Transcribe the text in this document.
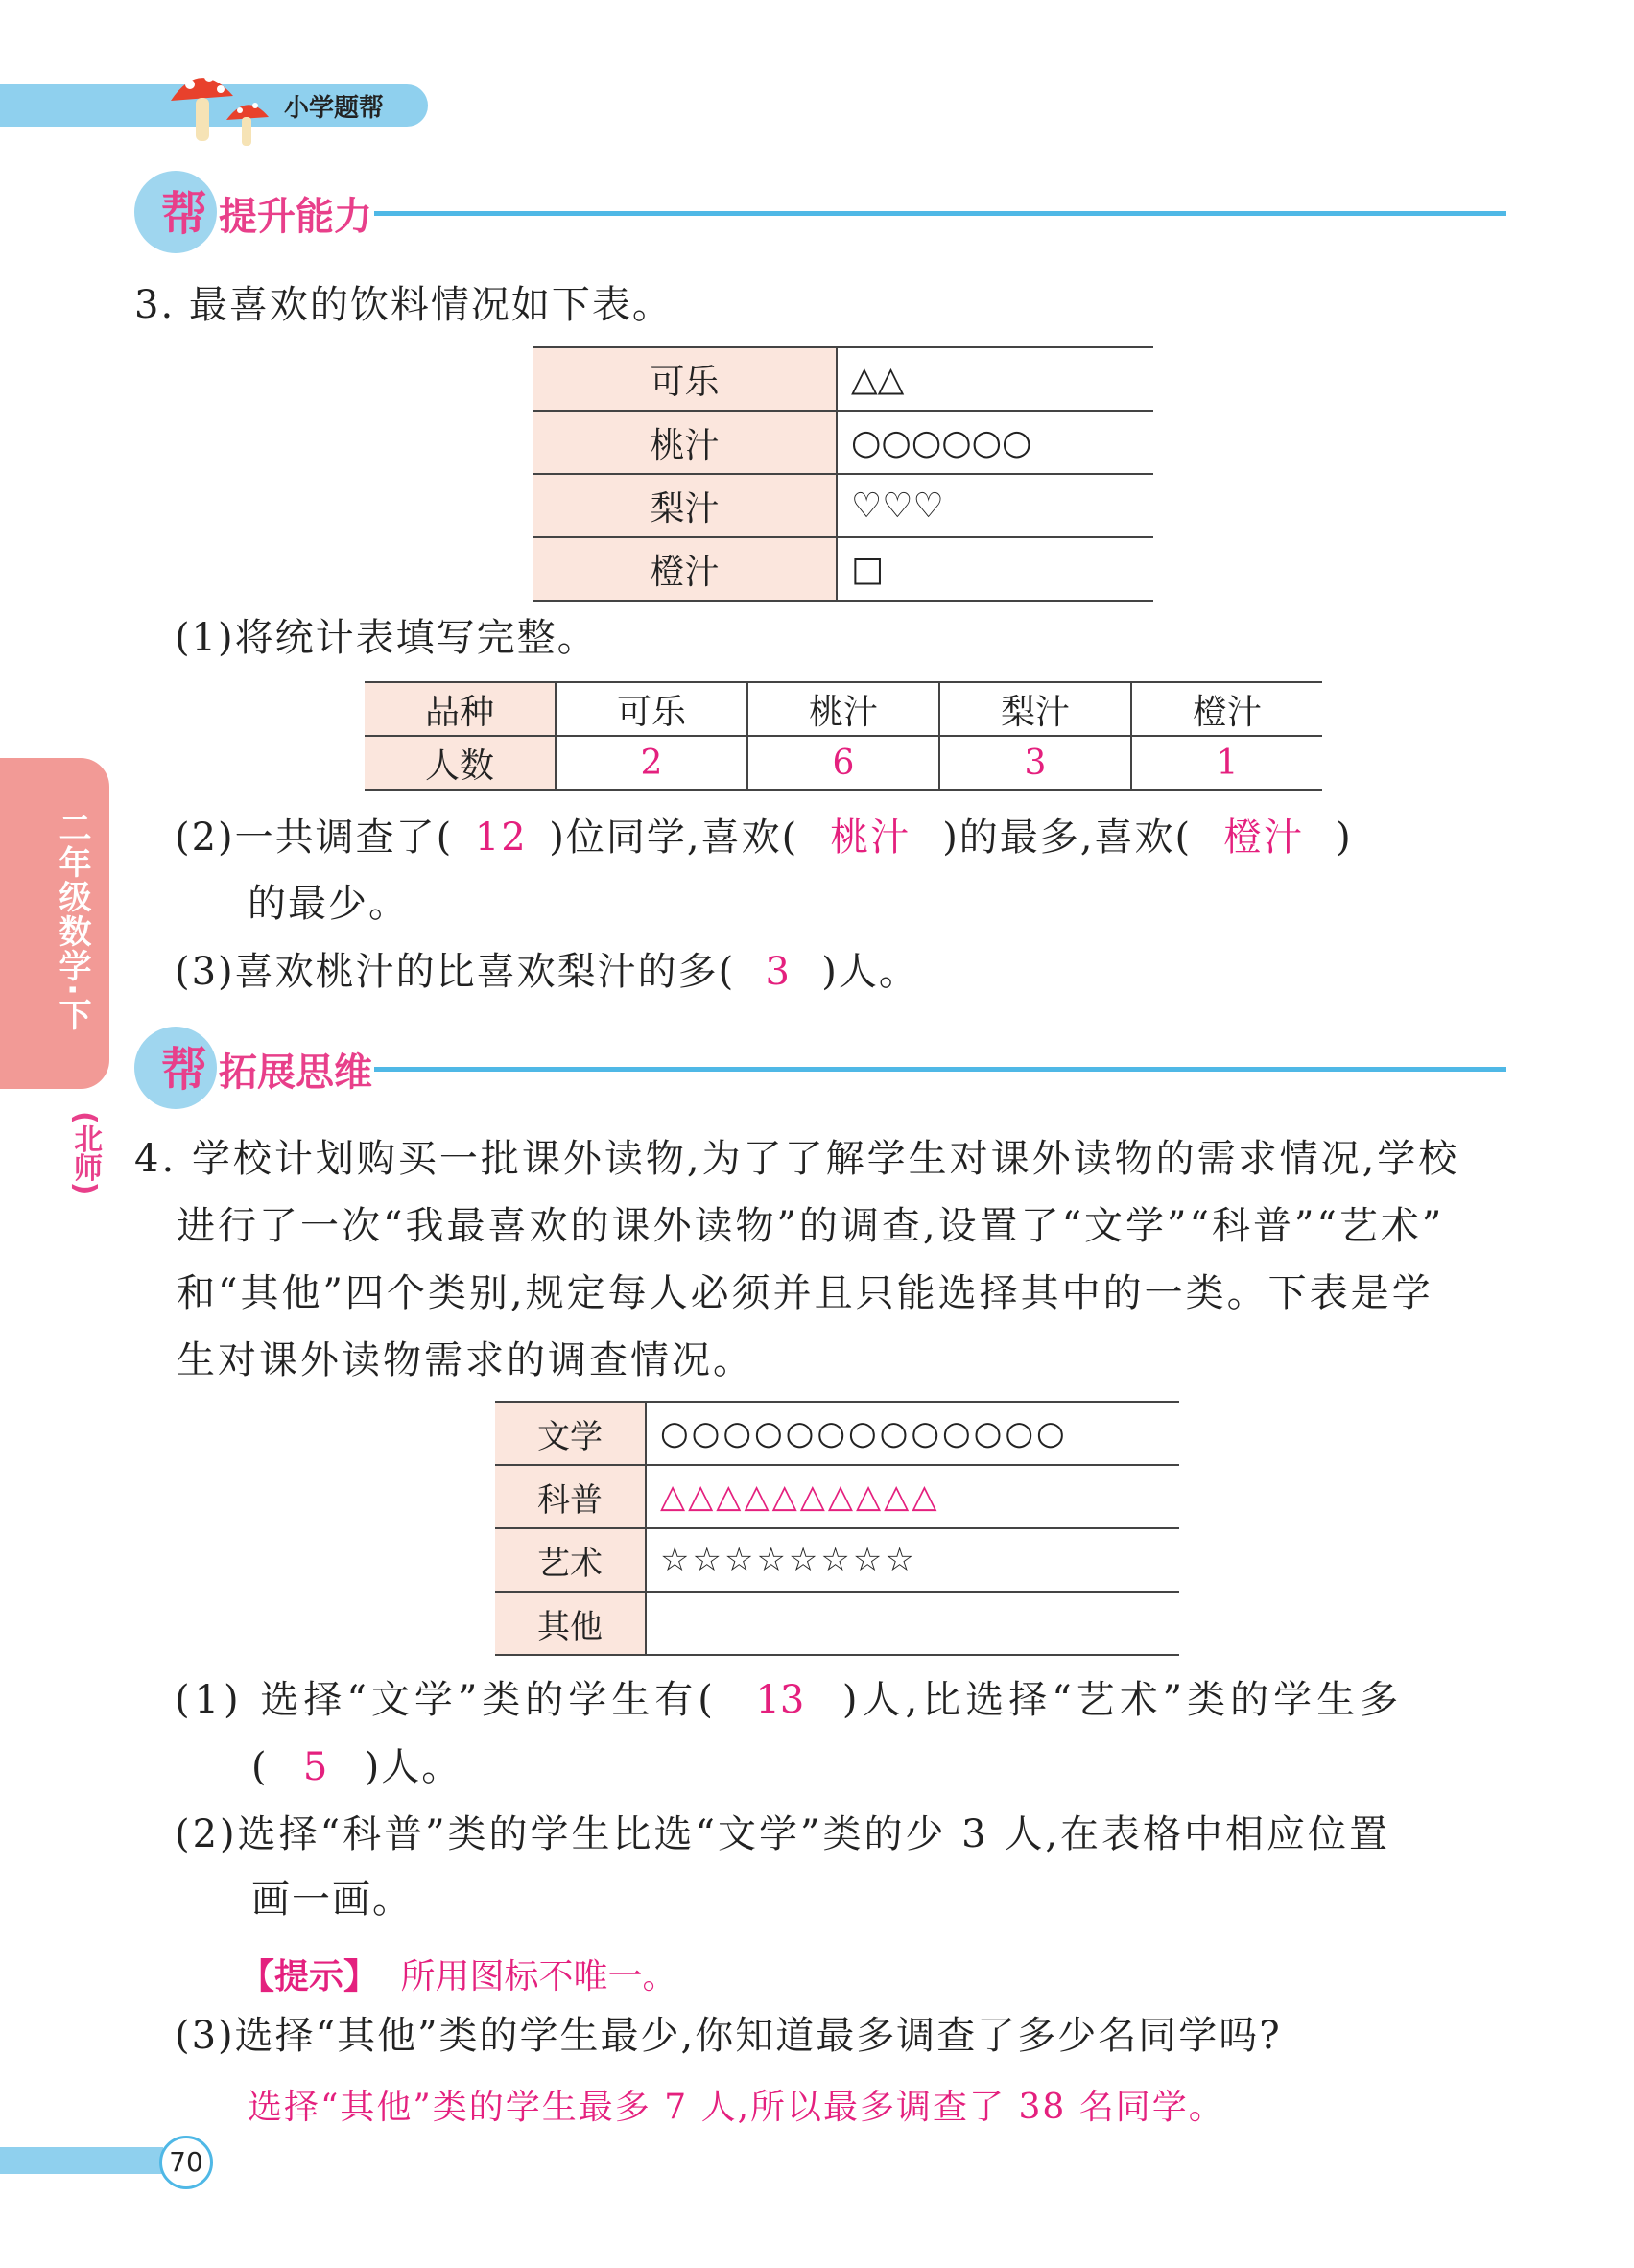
小学题帮
帮 提升能力
二年级数学·下
(北师)
3. 最喜欢的饮料情况如下表。
可乐	△△
桃汁	○○○○○○
梨汁	♡♡♡
橙汁	□
(1)将统计表填写完整。
品种	可乐	桃汁	梨汁	橙汁
人数	2	6	3	1
(2)一共调查了( 12 )位同学,喜欢( 桃汁 )的最多,喜欢( 橙汁 )
的最少。
(3)喜欢桃汁的比喜欢梨汁的多( 3 )人。
帮 拓展思维
4. 学校计划购买一批课外读物,为了了解学生对课外读物的需求情况,学校
进行了一次“我最喜欢的课外读物”的调查,设置了“文学”“科普”“艺术”
和“其他”四个类别,规定每人必须并且只能选择其中的一类。下表是学
生对课外读物需求的调查情况。
文学	○○○○○○○○○○○○○
科普	△△△△△△△△△△
艺术	☆☆☆☆☆☆☆☆
其他	
(1) 选择“文学”类的学生有( 13 )人,比选择“艺术”类的学生多
( 5 )人。
(2)选择“科普”类的学生比选“文学”类的少 3 人,在表格中相应位置
画一画。
【提示】 所用图标不唯一。
(3)选择“其他”类的学生最少,你知道最多调查了多少名同学吗?
选择“其他”类的学生最多 7 人,所以最多调查了 38 名同学。
70
